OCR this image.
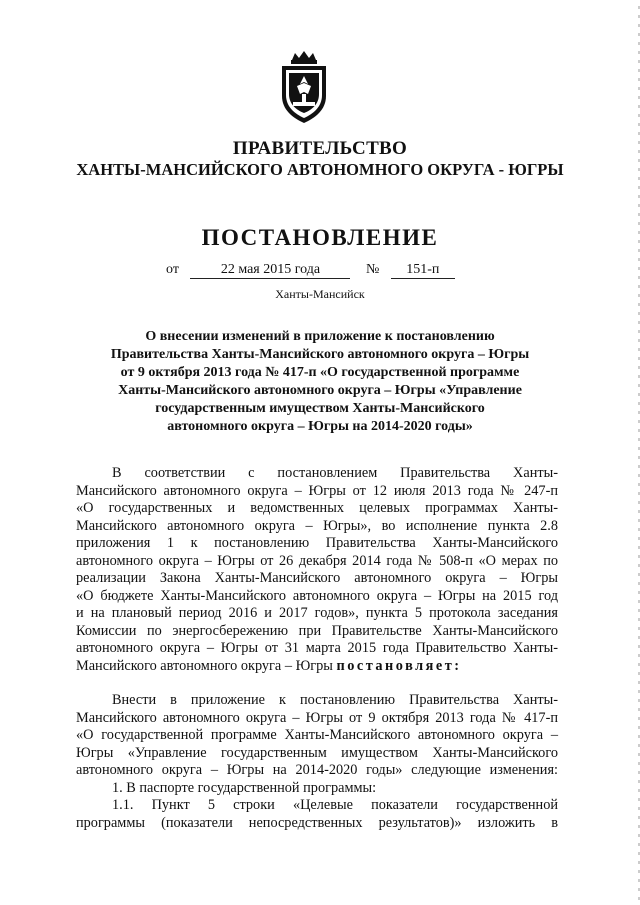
ПРАВИТЕЛЬСТВО
ХАНТЫ-МАНСИЙСКОГО АВТОНОМНОГО ОКРУГА - ЮГРЫ
ПОСТАНОВЛЕНИЕ
от	22 мая 2015 года	№ 151-п
Ханты-Мансийск
О внесении изменений в приложение к постановлению
Правительства Ханты-Мансийского автономного округа – Югры
от 9 октября 2013 года № 417-п «О государственной программе
Ханты-Мансийского автономного округа – Югры «Управление
государственным имуществом Ханты-Мансийского
автономного округа – Югры на 2014-2020 годы»
В соответствии с постановлением Правительства Ханты-
Мансийского автономного округа – Югры от 12 июля 2013 года № 247-п
«О государственных и ведомственных целевых программах Ханты-
Мансийского автономного округа – Югры», во исполнение пункта 2.8
приложения 1 к постановлению Правительства Ханты-Мансийского
автономного округа – Югры от 26 декабря 2014 года № 508-п «О мерах по
реализации Закона Ханты-Мансийского автономного округа – Югры
«О бюджете Ханты-Мансийского автономного округа – Югры на 2015 год
и на плановый период 2016 и 2017 годов», пункта 5 протокола заседания
Комиссии по энергосбережению при Правительстве Ханты-Мансийского
автономного округа – Югры от 31 марта 2015 года Правительство Ханты-
Мансийского автономного округа – Югры постановляет:
Внести в приложение к постановлению Правительства Ханты-
Мансийского автономного округа – Югры от 9 октября 2013 года № 417-п
«О государственной программе Ханты-Мансийского автономного округа –
Югры «Управление государственным имуществом Ханты-Мансийского
автономного округа – Югры на 2014-2020 годы» следующие изменения:
1. В паспорте государственной программы:
1.1. Пункт 5 строки «Целевые показатели государственной
программы (показатели непосредственных результатов)» изложить в
